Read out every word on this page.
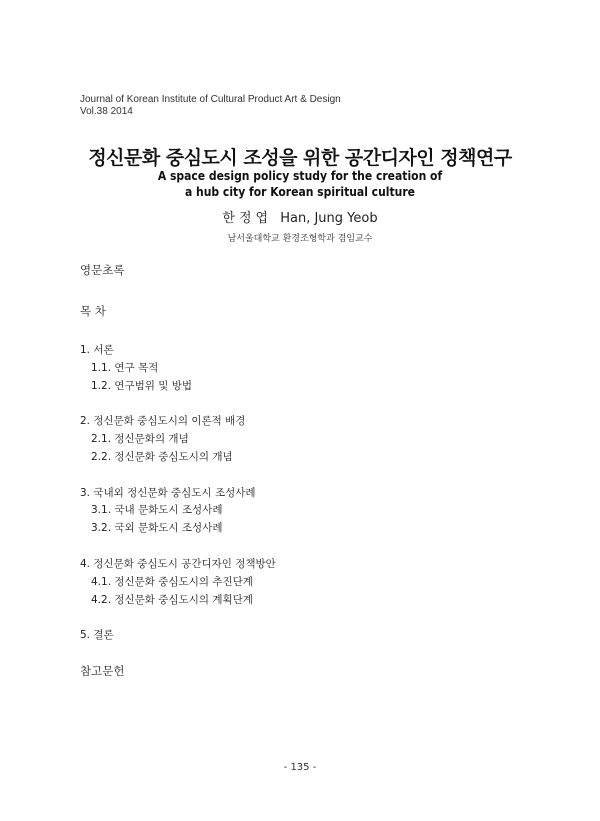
Journal of Korean Institute of Cultural Product Art & Design
Vol.38 2014
정신문화 중심도시 조성을 위한 공간디자인 정책연구
A space design policy study for the creation of
a hub city for Korean spiritual culture
한정엽 Han, Jung Yeob
남서울대학교 환경조형학과 겸임교수
영문초록
목 차
1. 서론
1.1. 연구 목적
1.2. 연구범위 및 방법
2. 정신문화 중심도시의 이론적 배경
2.1. 정신문화의 개념
2.2. 정신문화 중심도시의 개념
3. 국내외 정신문화 중심도시 조성사례
3.1. 국내 문화도시 조성사례
3.2. 국외 문화도시 조성사례
4. 정신문화 중심도시 공간디자인 정책방안
4.1. 정신문화 중심도시의 추진단계
4.2. 정신문화 중심도시의 계획단계
5. 결론
참고문헌
- 135 -
